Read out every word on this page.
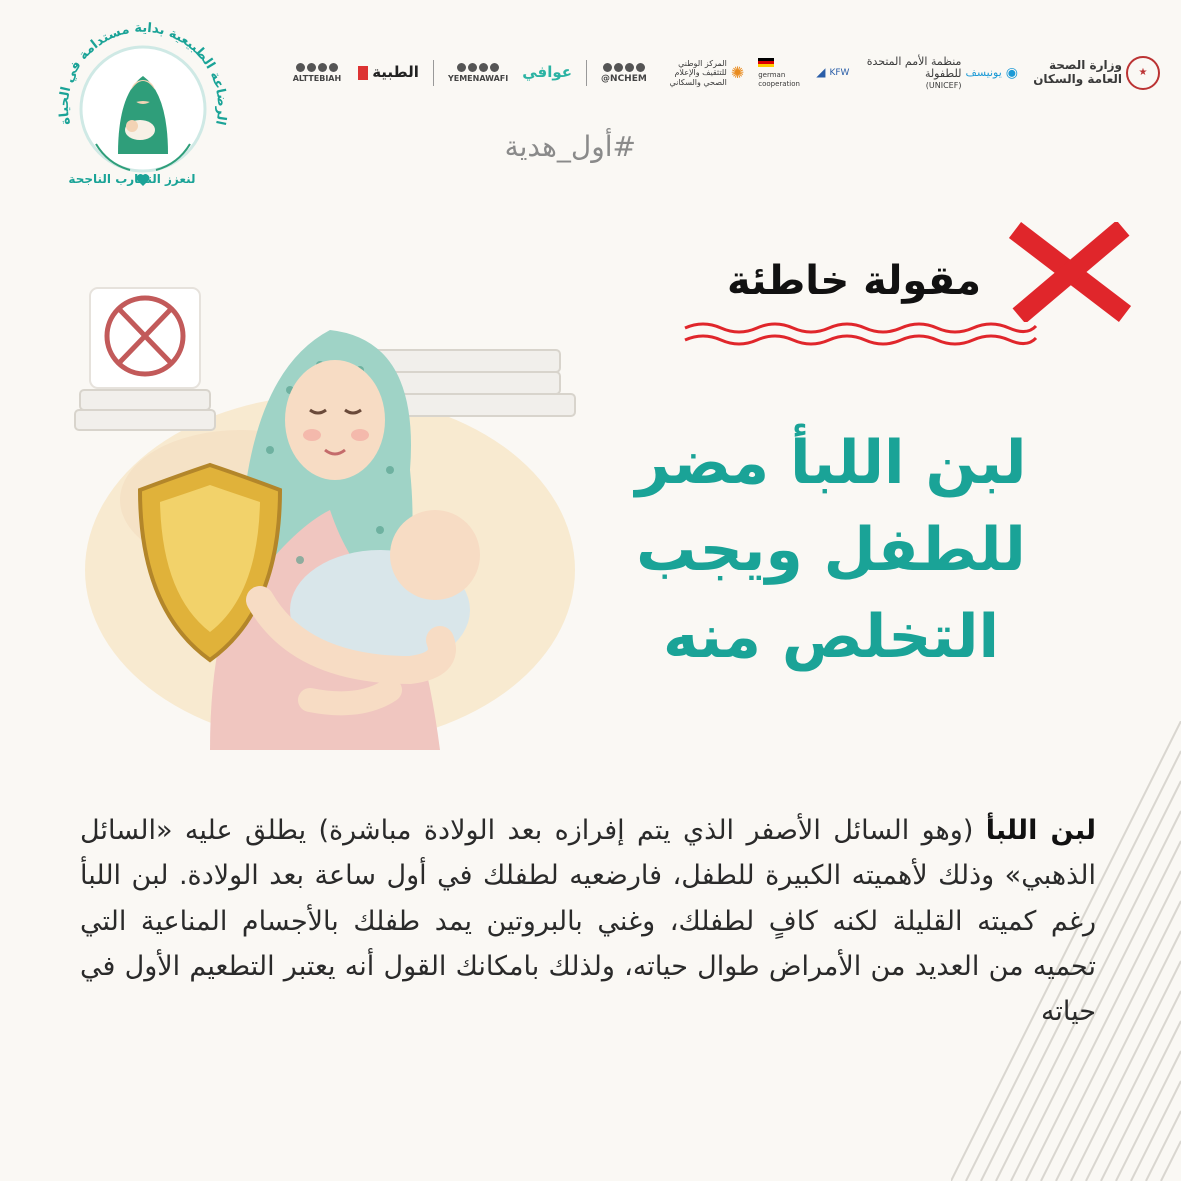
الرضاعة الطبيعية بداية مستدامة في الحياة
لنعزز التجارب الناجحة
★
وزارة الصحة العامة والسكان
◉
يونيسف
منظمة الأمم المتحدة للطفولة
(UNICEF)
◢ KFW
german cooperation
✺
المركز الوطني للتثقيف والإعلام الصحي والسكاني
@NCHEM
عوافي
YEMENAWAFI
الطبية
ALTTEBIAH
#أول_هدية
مقولة خاطئة
لبن اللبأ مضر
للطفل ويجب
التخلص منه
لبن اللبأ (وهو السائل الأصفر الذي يتم إفرازه بعد الولادة مباشرة) يطلق عليه «السائل الذهبي» وذلك لأهميته الكبيرة للطفل، فارضعيه لطفلك في أول ساعة بعد الولادة. لبن اللبأ رغم كميته القليلة لكنه كافٍ لطفلك، وغني بالبروتين يمد طفلك بالأجسام المناعية التي تحميه من العديد من الأمراض طوال حياته، ولذلك بامكانك القول أنه يعتبر التطعيم الأول في حياته
